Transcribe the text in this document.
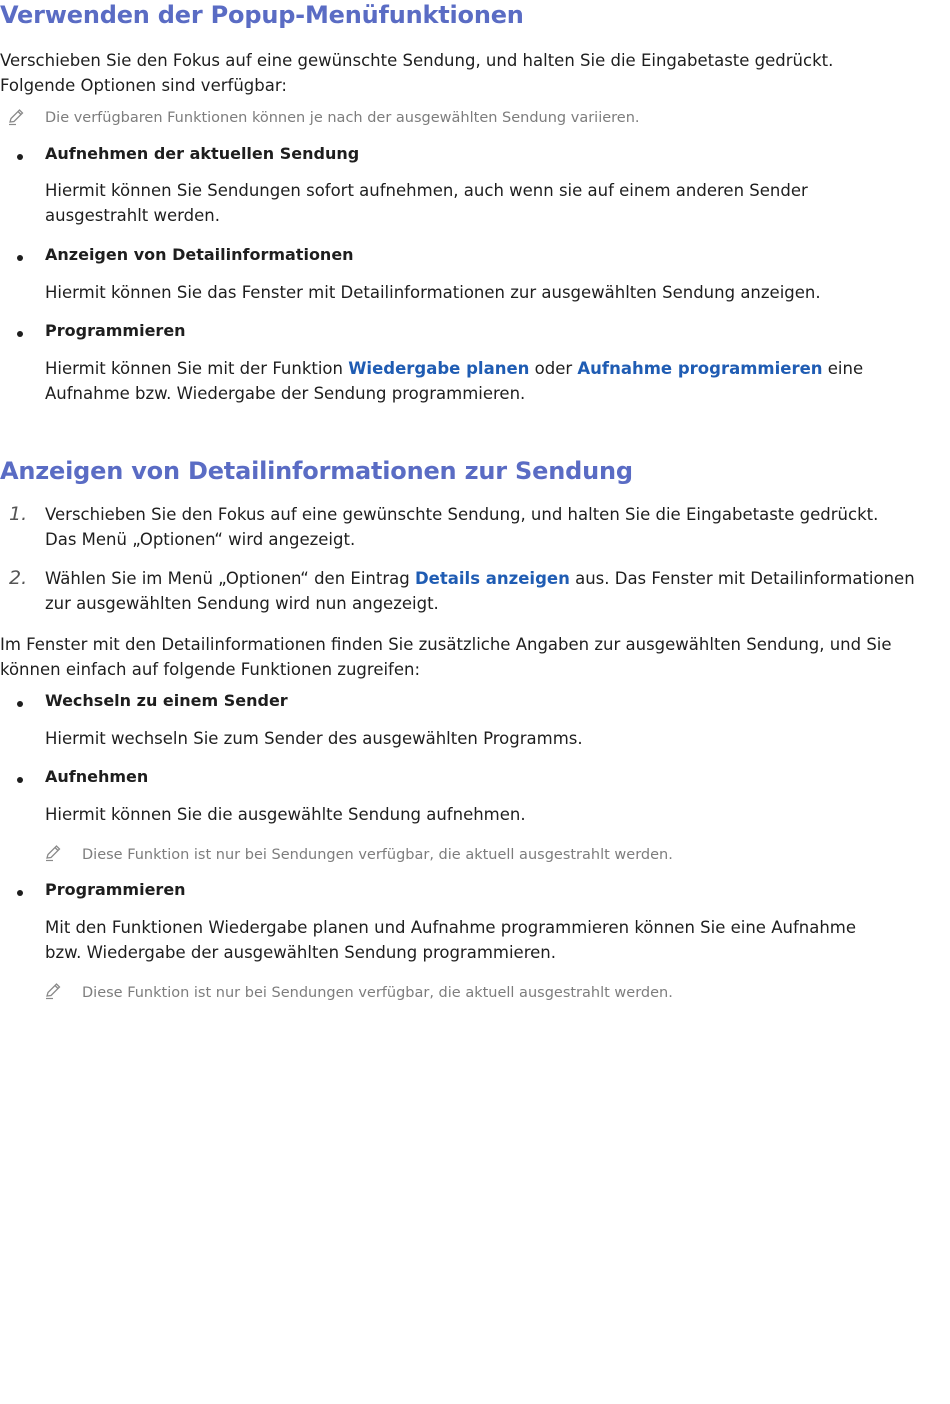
Verwenden der Popup-Menüfunktionen

Verschieben Sie den Fokus auf eine gewünschte Sendung, und halten Sie die Eingabetaste gedrückt. Folgende Optionen sind verfügbar:

Die verfügbaren Funktionen können je nach der ausgewählten Sendung variieren.

Aufnehmen der aktuellen Sendung

Hiermit können Sie Sendungen sofort aufnehmen, auch wenn sie auf einem anderen Sender ausgestrahlt werden.

Anzeigen von Detailinformationen

Hiermit können Sie das Fenster mit Detailinformationen zur ausgewählten Sendung anzeigen.

Programmieren

Hiermit können Sie mit der Funktion Wiedergabe planen oder Aufnahme programmieren eine Aufnahme bzw. Wiedergabe der Sendung programmieren.

Anzeigen von Detailinformationen zur Sendung
1. Verschieben Sie den Fokus auf eine gewünschte Sendung, und halten Sie die Eingabetaste gedrückt. Das Menü „Optionen“ wird angezeigt.

2. Wählen Sie im Menü „Optionen“ den Eintrag Details anzeigen aus. Das Fenster mit Detailinformationen zur ausgewählten Sendung wird nun angezeigt.

Im Fenster mit den Detailinformationen finden Sie zusätzliche Angaben zur ausgewählten Sendung, und Sie können einfach auf folgende Funktionen zugreifen:

Wechseln zu einem Sender

Hiermit wechseln Sie zum Sender des ausgewählten Programms.

Aufnehmen

Hiermit können Sie die ausgewählte Sendung aufnehmen.

Diese Funktion ist nur bei Sendungen verfügbar, die aktuell ausgestrahlt werden.

Programmieren

Mit den Funktionen Wiedergabe planen und Aufnahme programmieren können Sie eine Aufnahme bzw. Wiedergabe der ausgewählten Sendung programmieren.

Diese Funktion ist nur bei Sendungen verfügbar, die aktuell ausgestrahlt werden.
